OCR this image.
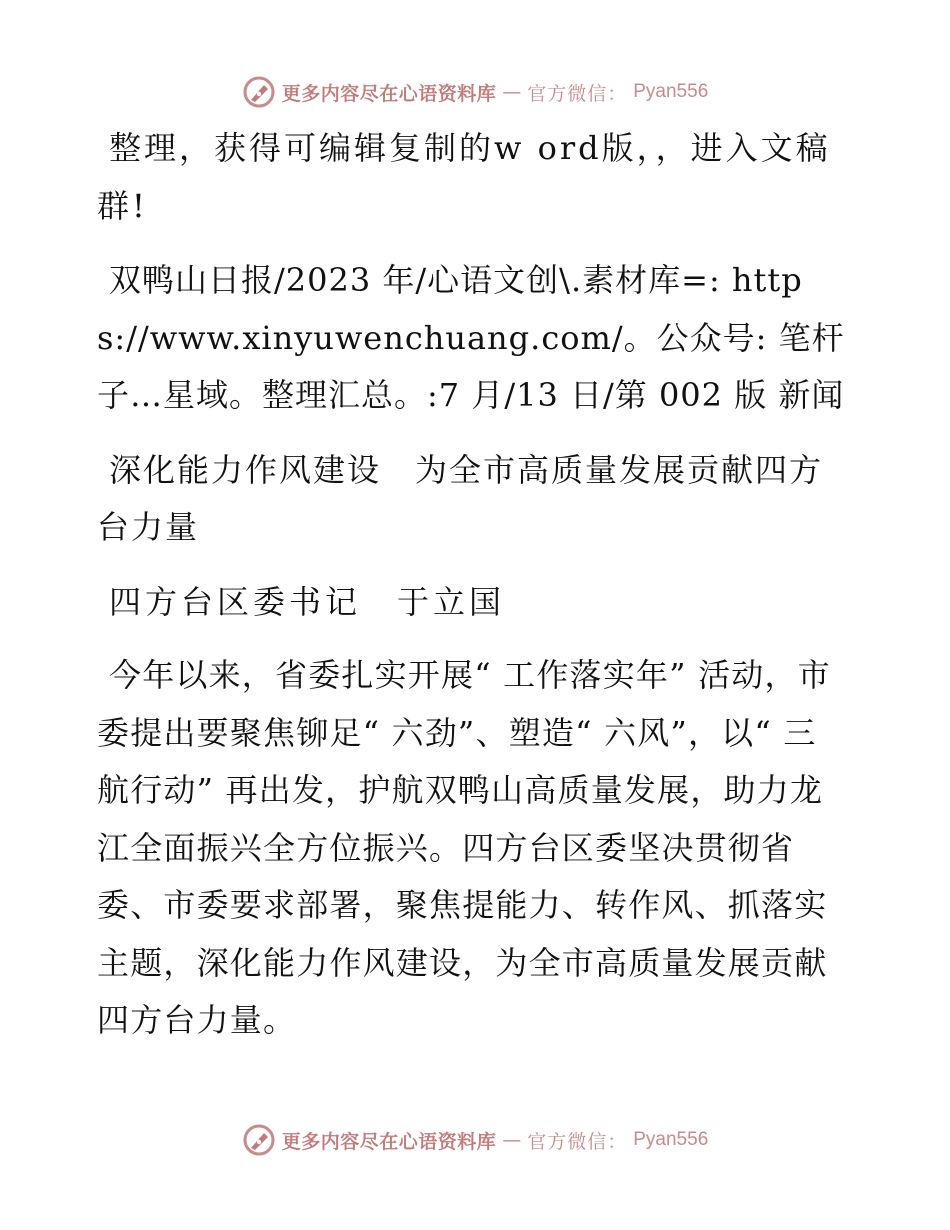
更多内容尽在心语资料库 — 官方微信： Pyan556

整理，获得可编辑复制的w ord版，，进入文稿群!

双鸭山日报/2023 年/心语文创\.素材库=: https://www.xinyuwenchuang.com/。公众号: 笔杆子…星域。整理汇总。:7 月/13 日/第 002 版 新闻

深化能力作风建设　为全市高质量发展贡献四方台力量

四方台区委书记　于立国

今年以来，省委扎实开展“ 工作落实年” 活动，市委提出要聚焦铆足“ 六劲”、塑造“ 六风”，以“ 三航行动” 再出发，护航双鸭山高质量发展，助力龙江全面振兴全方位振兴。四方台区委坚决贯彻省委、市委要求部署，聚焦提能力、转作风、抓落实主题，深化能力作风建设，为全市高质量发展贡献四方台力量。

更多内容尽在心语资料库 — 官方微信： Pyan556
